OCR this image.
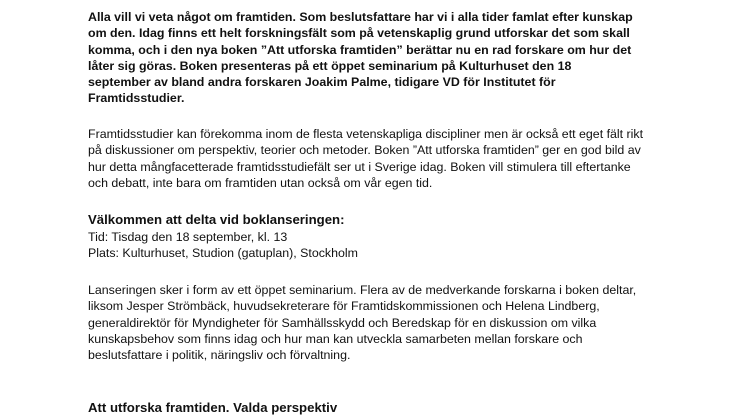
Alla vill vi veta något om framtiden. Som beslutsfattare har vi i alla tider famlat efter kunskap om den. Idag finns ett helt forskningsfält som på vetenskaplig grund utforskar det som skall komma, och i den nya boken ”Att utforska framtiden” berättar nu en rad forskare om hur det låter sig göras. Boken presenteras på ett öppet seminarium på Kulturhuset den 18 september av bland andra forskaren Joakim Palme, tidigare VD för Institutet för Framtidsstudier.

Framtidsstudier kan förekomma inom de flesta vetenskapliga discipliner men är också ett eget fält rikt på diskussioner om perspektiv, teorier och metoder. Boken ”Att utforska framtiden” ger en god bild av hur detta mångfacetterade framtidsstudiefält ser ut i Sverige idag. Boken vill stimulera till eftertanke och debatt, inte bara om framtiden utan också om vår egen tid.

Välkommen att delta vid boklanseringen:
Tid: Tisdag den 18 september, kl. 13
Plats: Kulturhuset, Studion (gatuplan), Stockholm

Lanseringen sker i form av ett öppet seminarium. Flera av de medverkande forskarna i boken deltar, liksom Jesper Strömbäck, huvudsekreterare för Framtidskommissionen och Helena Lindberg, generaldirektör för Myndigheter för Samhällsskydd och Beredskap för en diskussion om vilka kunskapsbehov som finns idag och hur man kan utveckla samarbeten mellan forskare och beslutsfattare i politik, näringsliv och förvaltning.

Att utforska framtiden. Valda perspektiv
